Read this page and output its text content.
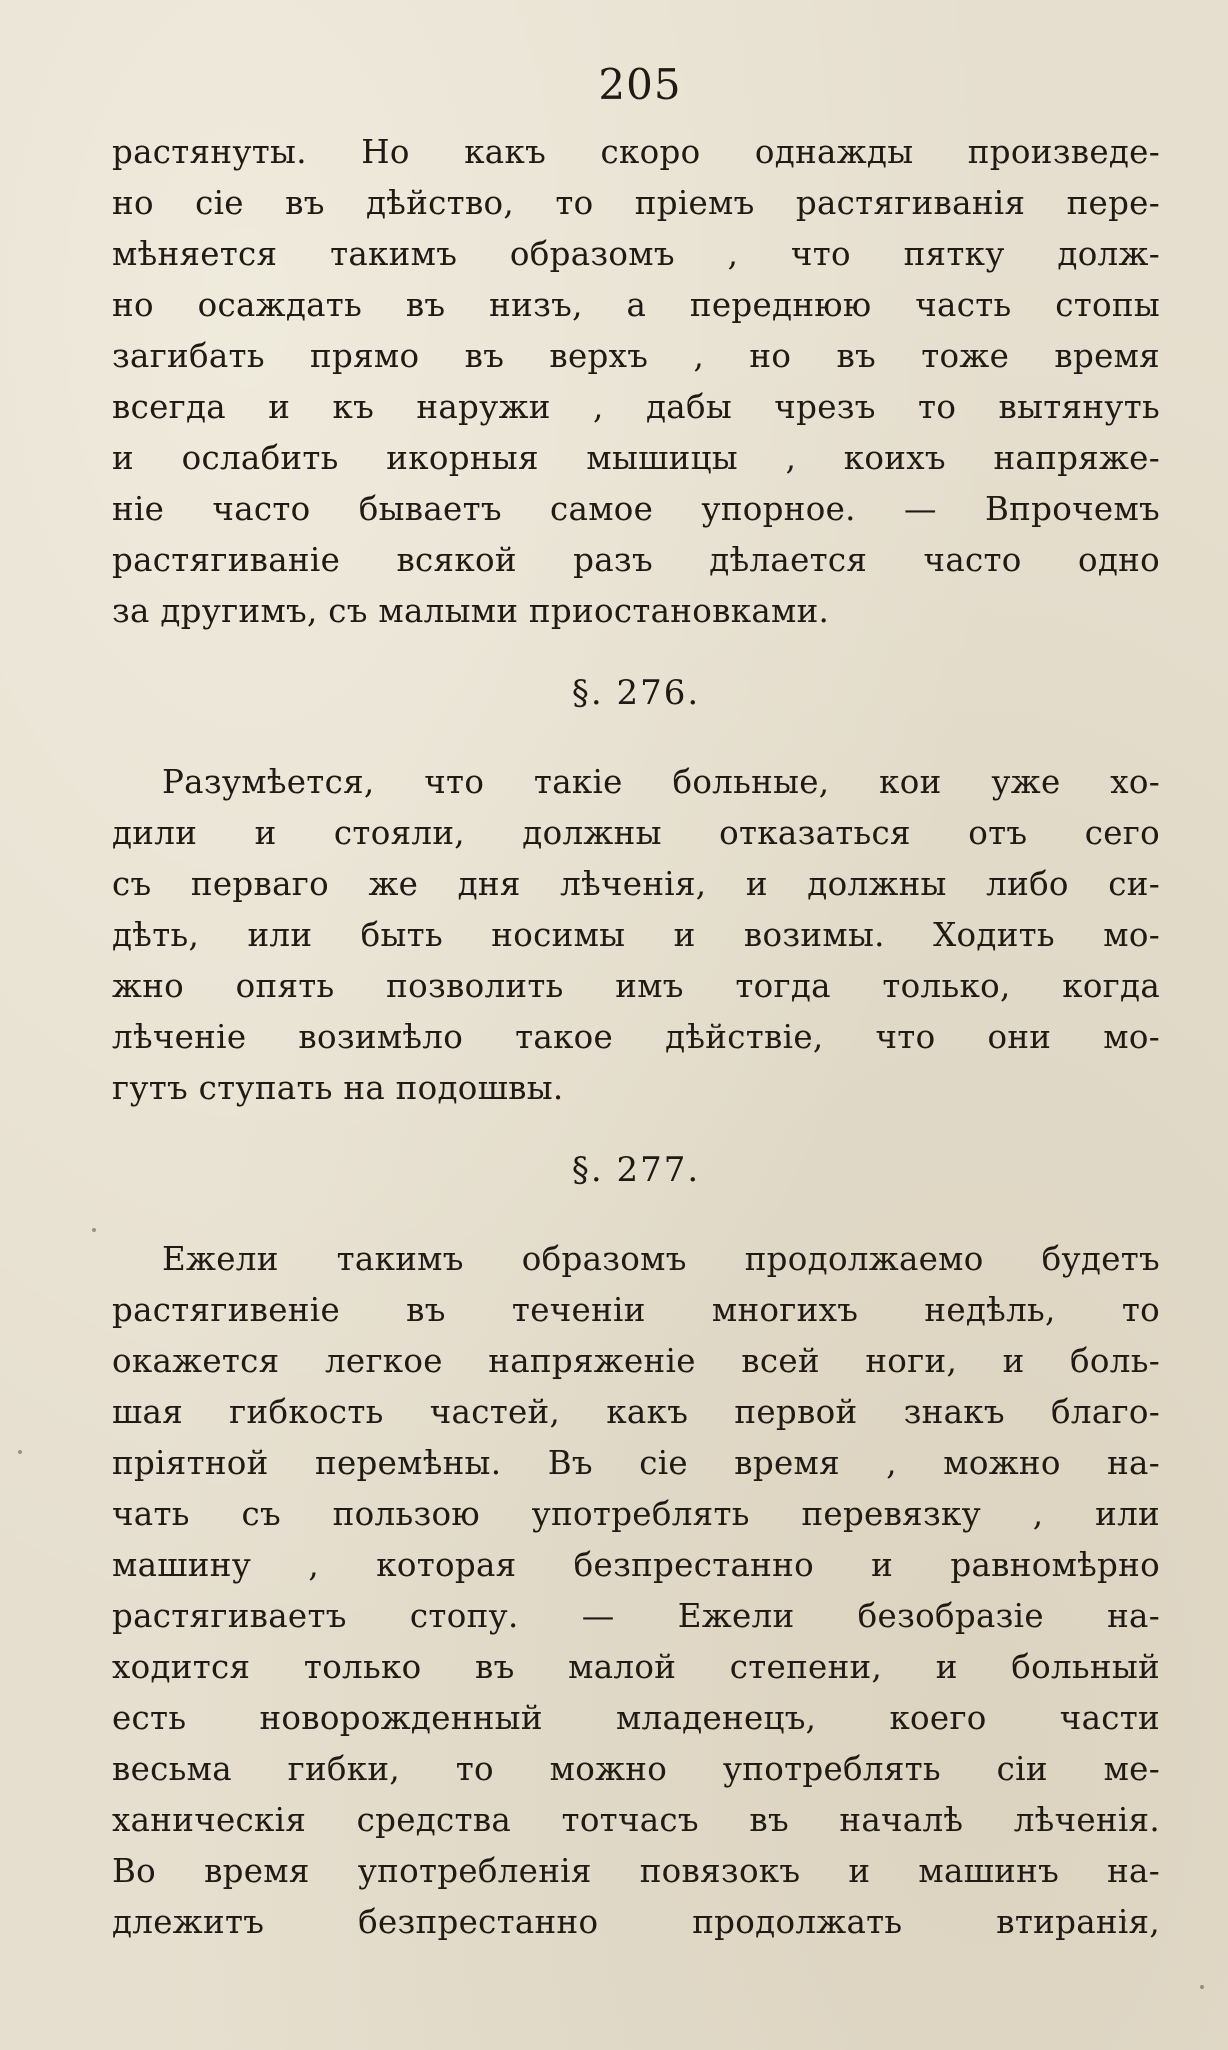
205
растянуты. Но какъ скоро однажды произведе-
но сіе въ дѣйство, то пріемъ растягиванія пере-
мѣняется такимъ образомъ , что пятку долж-
но осаждать въ низъ, а переднюю часть стопы
загибать прямо въ верхъ , но въ тоже время
всегда и къ наружи , дабы чрезъ то вытянуть
и ослабить икорныя мышицы , коихъ напряже-
ніе часто бываетъ самое упорное. — Впрочемъ
растягиваніе всякой разъ дѣлается часто одно
за другимъ, съ малыми приостановками.
§. 276.
Разумѣется, что такіе больные, кои уже хо-
дили и стояли, должны отказаться отъ сего
съ перваго же дня лѣченія, и должны либо си-
дѣть, или быть носимы и возимы. Ходить мо-
жно опять позволить имъ тогда только, когда
лѣченіе возимѣло такое дѣйствіе, что они мо-
гутъ ступать на подошвы.
§. 277.
Ежели такимъ образомъ продолжаемо будетъ
растягивеніе въ теченіи многихъ недѣль, то
окажется легкое напряженіе всей ноги, и боль-
шая гибкость частей, какъ первой знакъ благо-
пріятной перемѣны. Въ сіе время , можно на-
чать съ пользою употреблять перевязку , или
машину , которая безпрестанно и равномѣрно
растягиваетъ стопу. — Ежели безобразіе на-
ходится только въ малой степени, и больный
есть новорожденный младенецъ, коего части
весьма гибки, то можно употреблять сіи ме-
ханическія средства тотчасъ въ началѣ лѣченія.
Во время употребленія повязокъ и машинъ на-
длежитъ безпрестанно продолжать втиранія,
